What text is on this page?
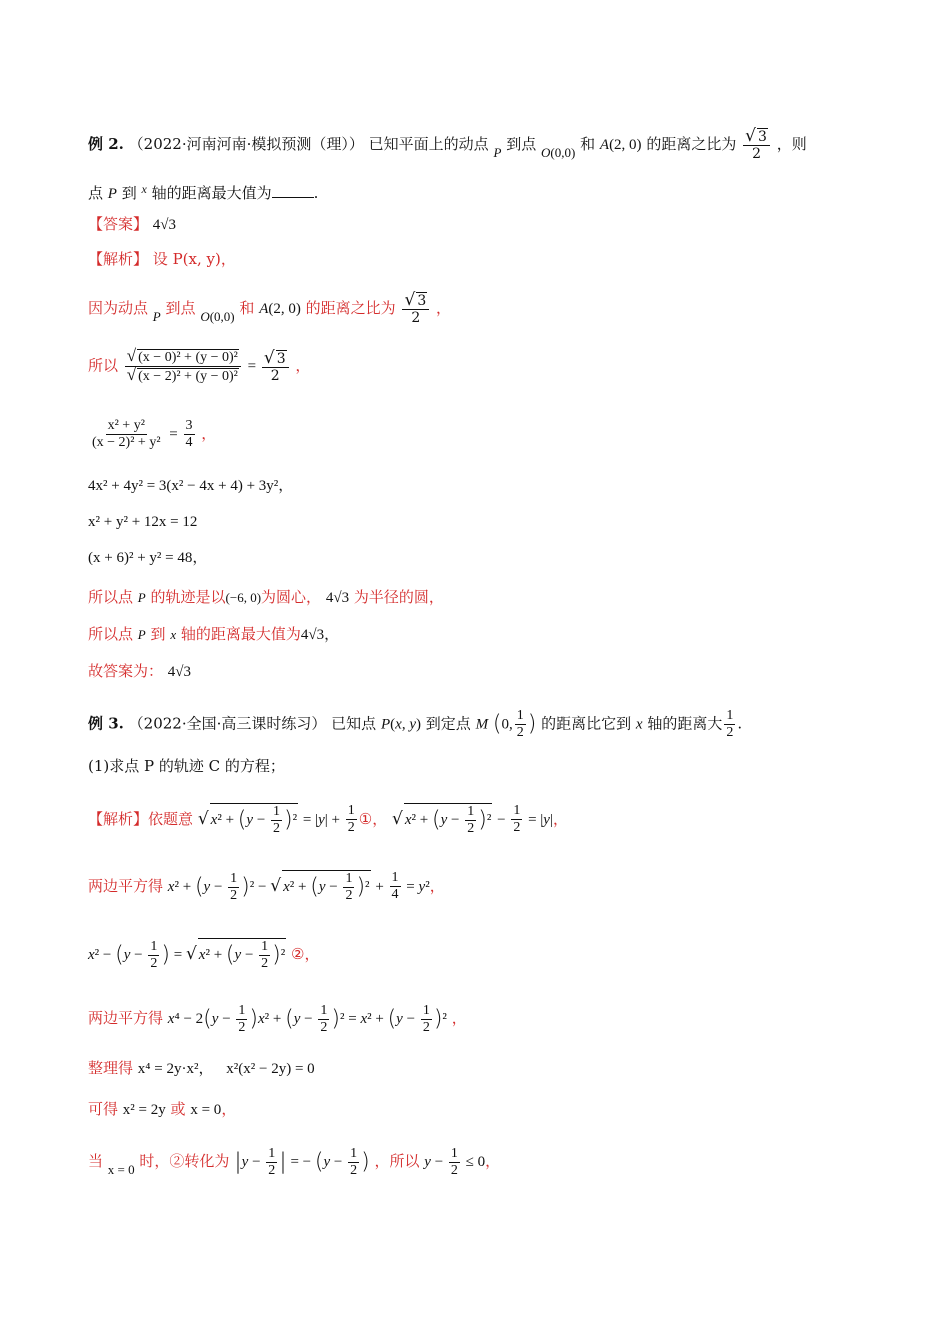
例 2. （2022·河南河南·模拟预测（理）） 已知平面上的动点 P 到点 O(0,0) 和 A(2, 0) 的距离之比为 $\frac{√ 3}{2}$ ，则
点 P 到 $^x$ 轴的距离最大值为	.
【答案】 4√3
【解析】 设 P(x, y)，
因为动点 P 到点 O(0,0) 和 A(2, 0) 的距离之比为 $\frac{√ 3}{2}$ ，
所以 $\frac{\text{√ (x − 0)² + (y − 0)²}}{\text{√ (x − 2)² + (y − 0)²}} = \frac{√ 3}{2}$ ，
$\frac{\text{x² + y²}}{\text{(x − 2)² + y²}} = \frac{3}{4}$ ，
4x² + 4y² = 3(x² − 4x + 4) + 3y²，
x² + y² + 12x = 12
(x + 6)² + y² = 48，
所以点 P 的轨迹是以(−6, 0)为圆心， 4√3 为半径的圆，
所以点 P 到 x 轴的距离最大值为4√3，
故答案为： 4√3
例 3. （2022·全国·高三课时练习） 已知点 P(x, y) 到定点 M (0, $\frac{1}{2}$ ) 的距离比它到 x 轴的距离大 $\frac{1}{2}$ .
(1)求点 P 的轨迹 C 的方程；
【解析】依题意 √ $x^2 + (y - \frac{1}{2} )^2 = |y| + \frac{1}{2}$ ①， √ $x^2 + (y - \frac{1}{2} )^2 - \frac{1}{2} = |y|$，
两边平方得 $x^2 + (y - \frac{1}{2} )^2$ − √ $x^2 + (y - \frac{1}{2} )^2 + \frac{1}{4} = y^2$，
$x^2 - (y - \frac{1}{2}$ ) = √ $x^2 + (y - \frac{1}{2} )^2$ ②，
两边平方得 $x^4 - 2(y - \frac{1}{2} )x^2 + (y - \frac{1}{2} )^2 = x^2 + (y - \frac{1}{2} )^2$ ，
整理得 x⁴ = 2y·x²， x²(x² − 2y) = 0
可得 x² = 2y 或 x = 0，
当 x = 0 时，②转化为 $|y - \frac{1}{2}$ | = − ($y - \frac{1}{2}$ ) ，所以 $y - \frac{1}{2} \le 0$，
